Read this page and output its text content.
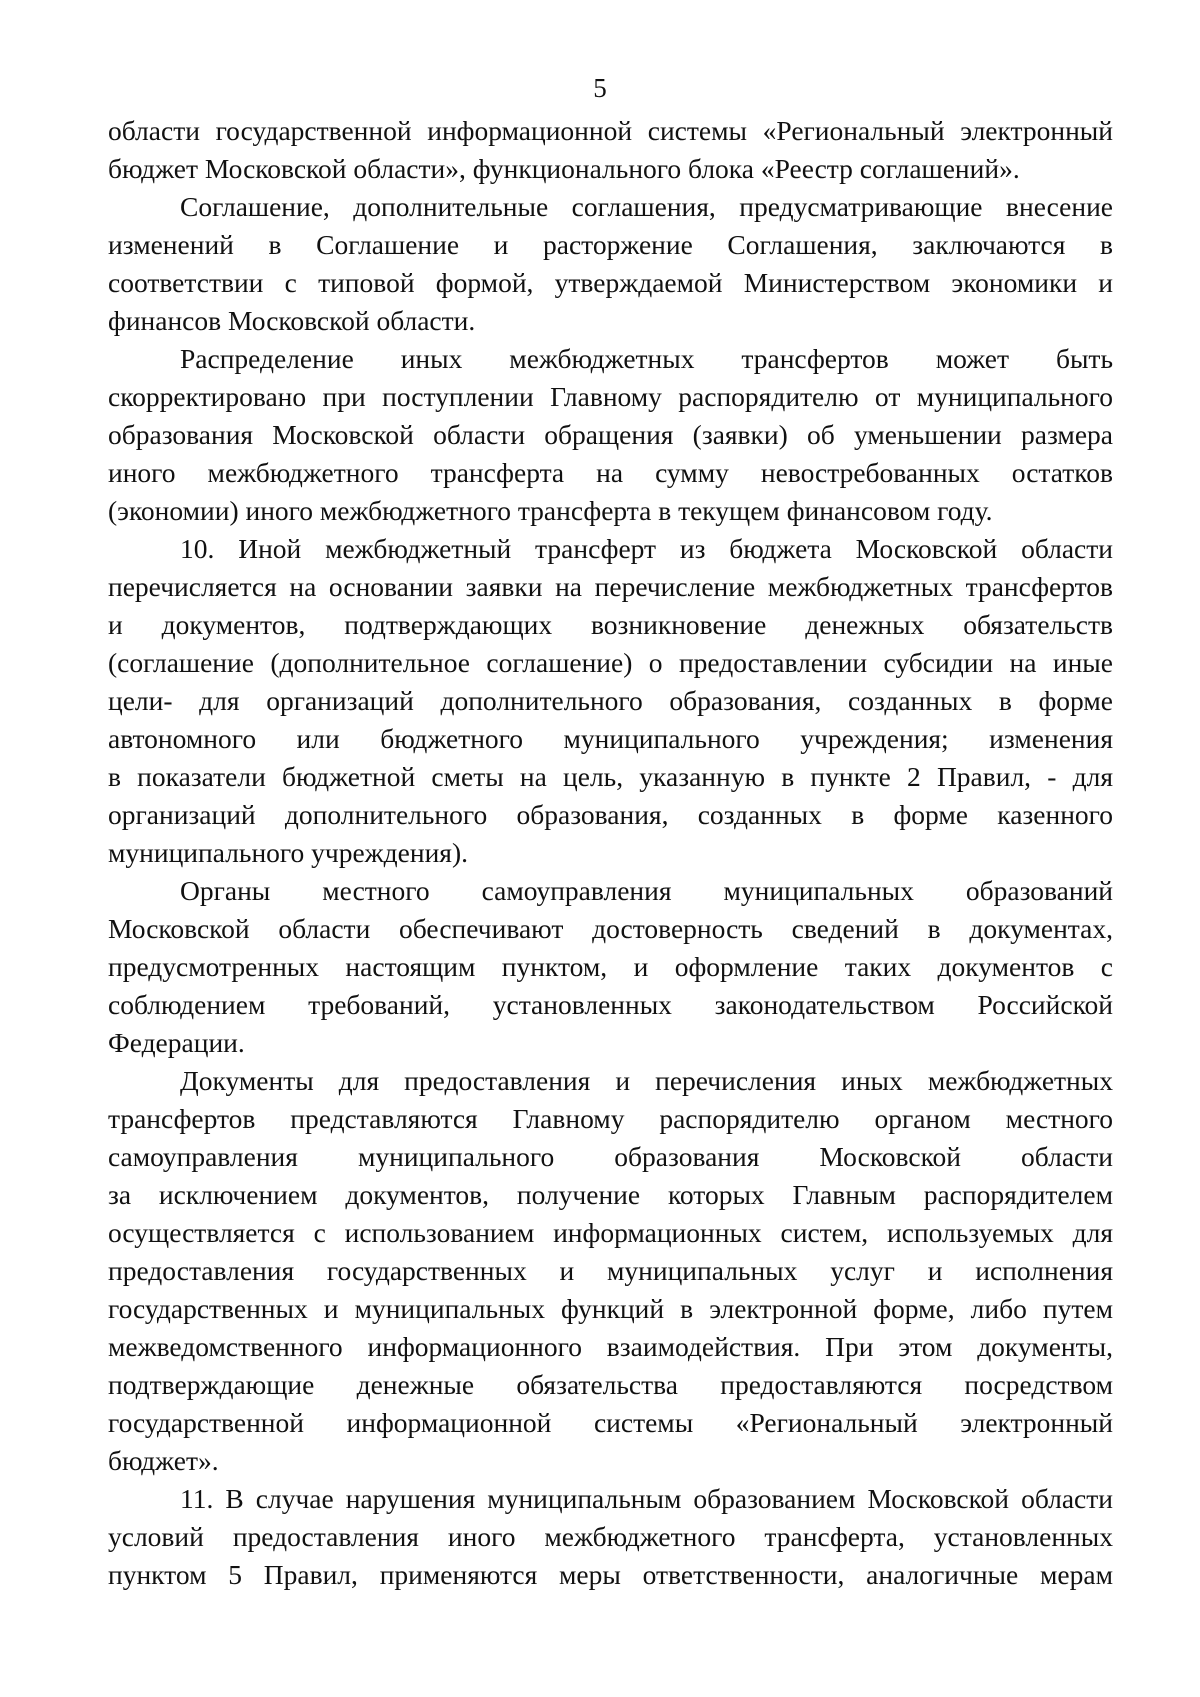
5
области государственной информационной системы «Региональный электронный
бюджет Московской области», функционального блока «Реестр соглашений».
Соглашение, дополнительные соглашения, предусматривающие внесение
изменений в Соглашение и расторжение Соглашения, заключаются в
соответствии с типовой формой, утверждаемой Министерством экономики и
финансов Московской области.
Распределение иных межбюджетных трансфертов может быть
скорректировано при поступлении Главному распорядителю от муниципального
образования Московской области обращения (заявки) об уменьшении размера
иного межбюджетного трансферта на сумму невостребованных остатков
(экономии) иного межбюджетного трансферта в текущем финансовом году.
10. Иной межбюджетный трансферт из бюджета Московской области
перечисляется на основании заявки на перечисление межбюджетных трансфертов
и документов, подтверждающих возникновение денежных обязательств
(соглашение (дополнительное соглашение) о предоставлении субсидии на иные
цели- для организаций дополнительного образования, созданных в форме
автономного или бюджетного муниципального учреждения; изменения
в показатели бюджетной сметы на цель, указанную в пункте 2 Правил, - для
организаций дополнительного образования, созданных в форме казенного
муниципального учреждения).
Органы местного самоуправления муниципальных образований
Московской области обеспечивают достоверность сведений в документах,
предусмотренных настоящим пунктом, и оформление таких документов с
соблюдением требований, установленных законодательством Российской
Федерации.
Документы для предоставления и перечисления иных межбюджетных
трансфертов представляются Главному распорядителю органом местного
самоуправления муниципального образования Московской области
за исключением документов, получение которых Главным распорядителем
осуществляется с использованием информационных систем, используемых для
предоставления государственных и муниципальных услуг и исполнения
государственных и муниципальных функций в электронной форме, либо путем
межведомственного информационного взаимодействия. При этом документы,
подтверждающие денежные обязательства предоставляются посредством
государственной информационной системы «Региональный электронный
бюджет».
11. В случае нарушения муниципальным образованием Московской области
условий предоставления иного межбюджетного трансферта, установленных
пунктом 5 Правил, применяются меры ответственности, аналогичные мерам
